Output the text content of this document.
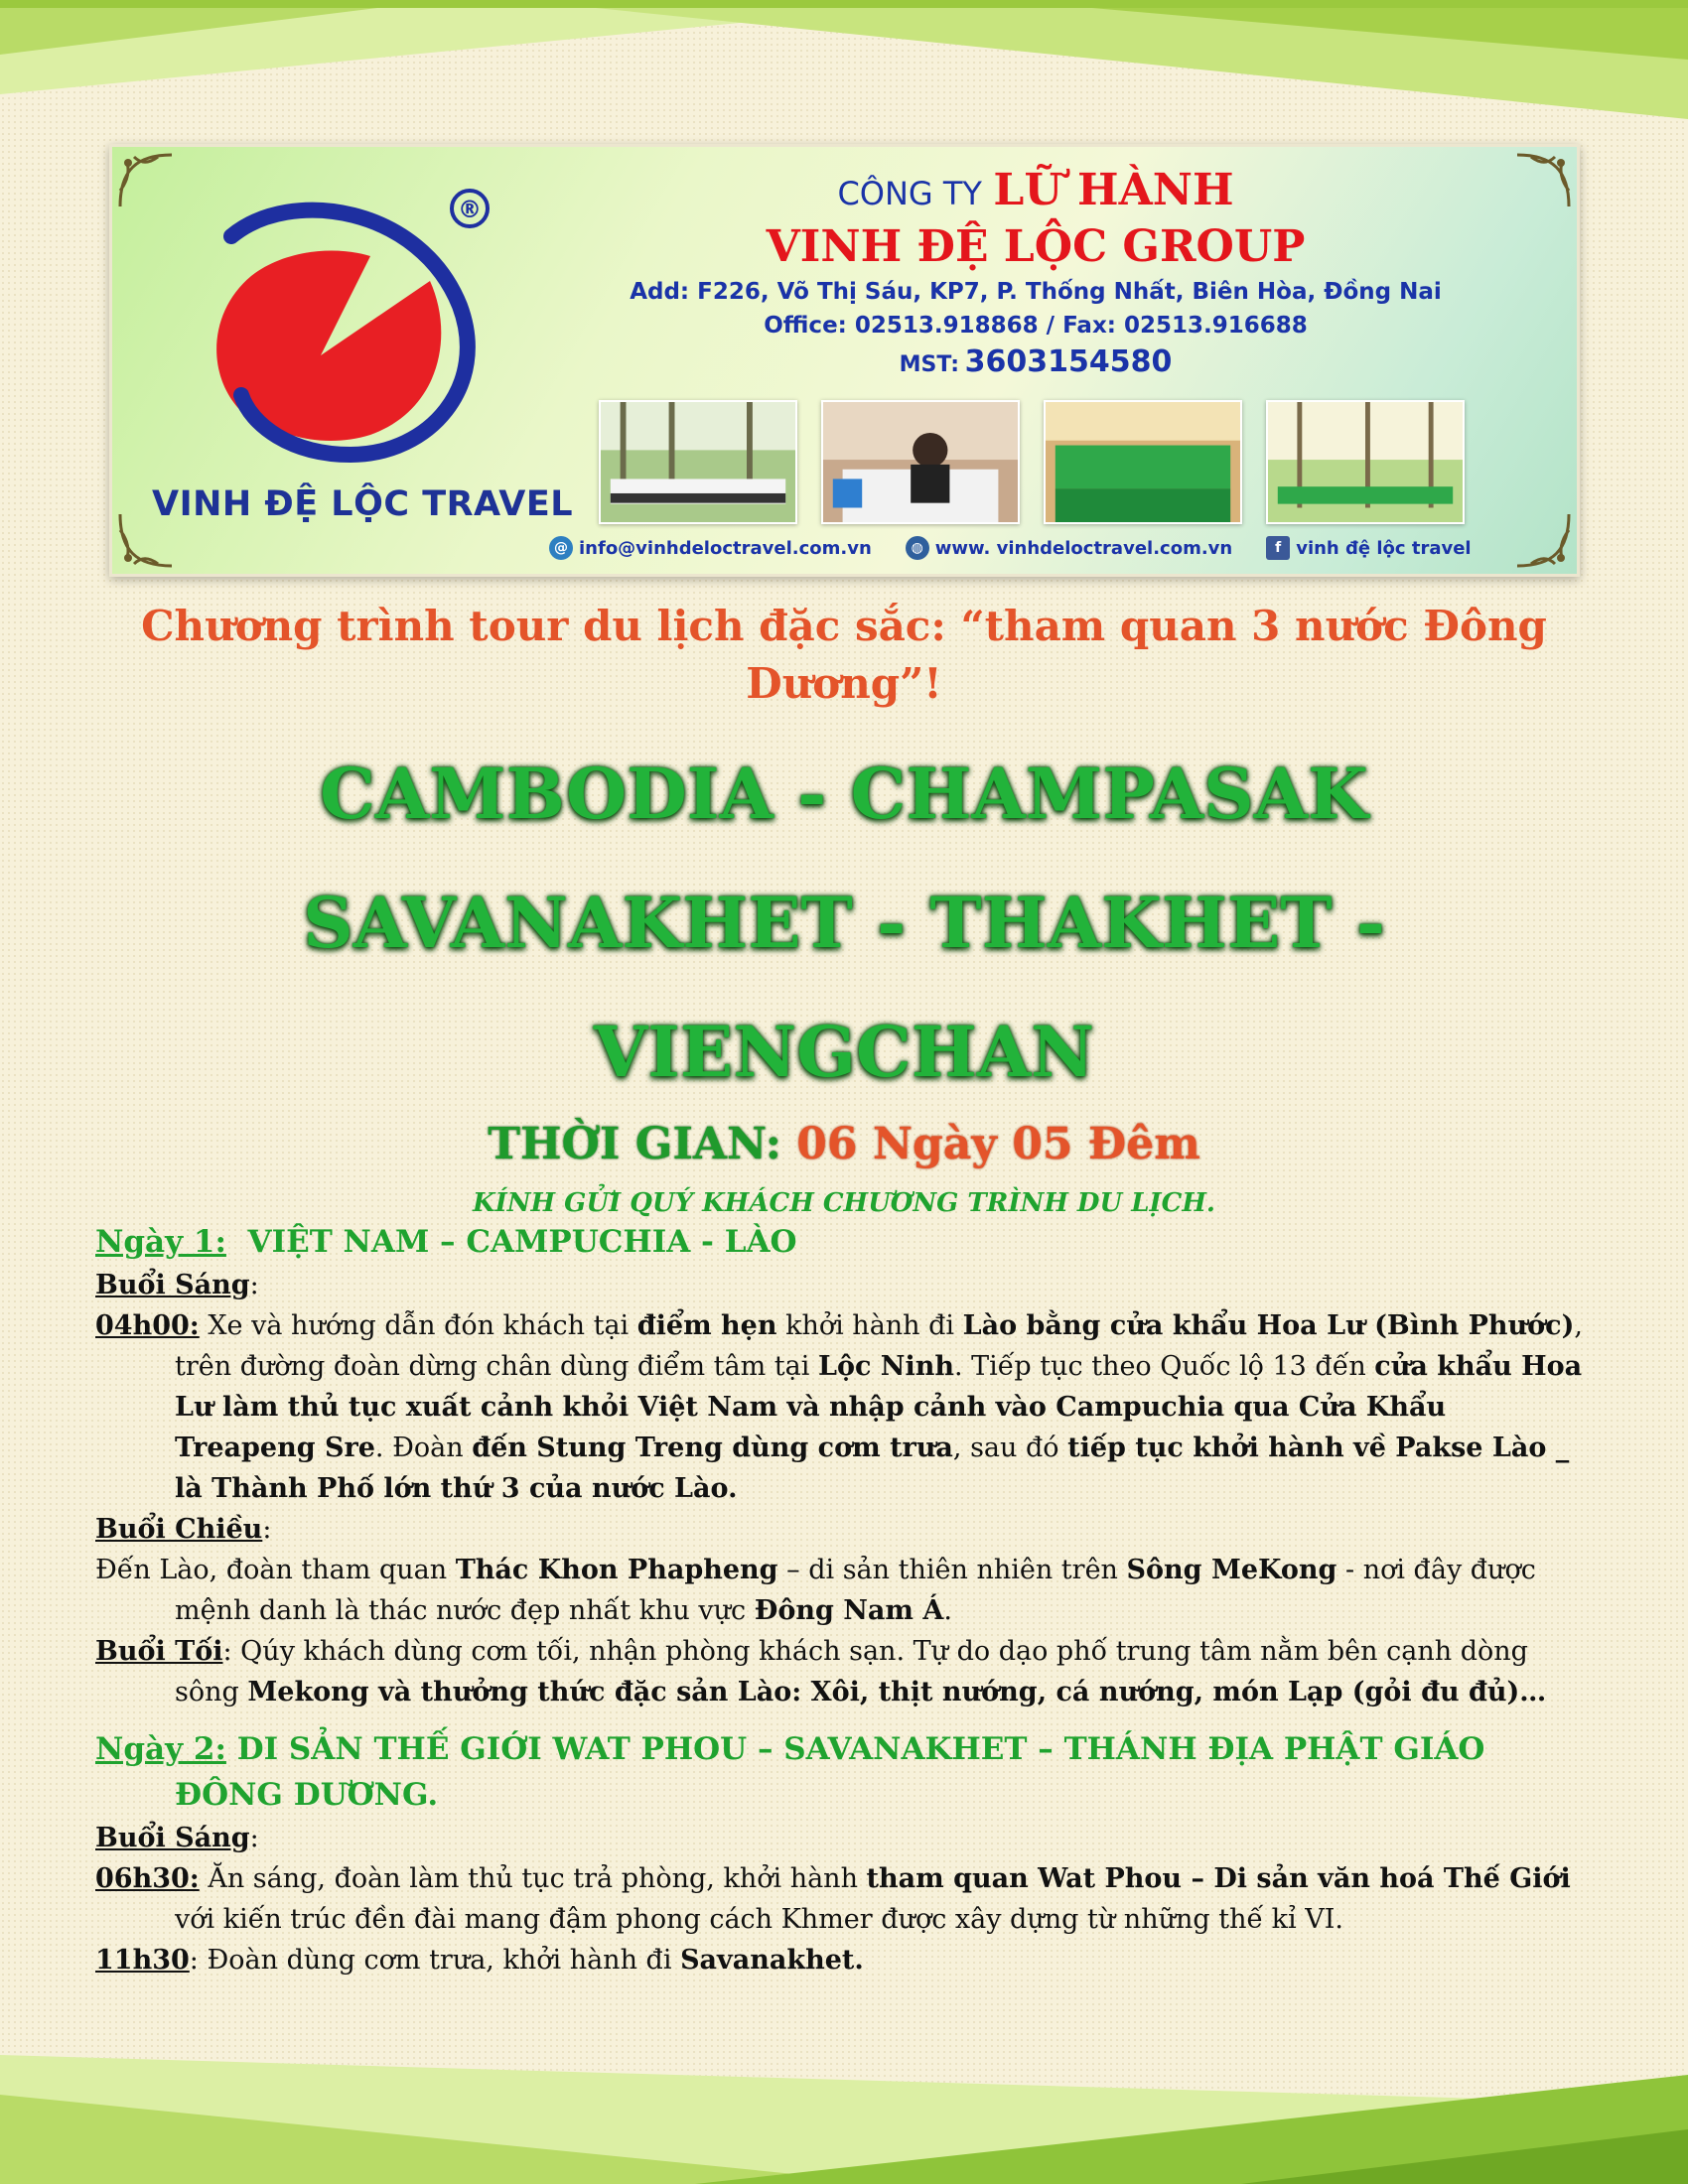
®
VINH ĐỆ LỘC TRAVEL
CÔNG TY LỮ HÀNH
VINH ĐỆ LỘC GROUP
Add: F226, Võ Thị Sáu, KP7, P. Thống Nhất, Biên Hòa, Đồng Nai
Office: 02513.918868 / Fax: 02513.916688
MST: 3603154580
@ info@vinhdeloctravel.com.vn	◍ www. vinhdeloctravel.com.vn	f vinh đệ lộc travel
Chương trình tour du lịch đặc sắc: “tham quan 3 nước Đông Dương”!
CAMBODIA - CHAMPASAK
SAVANAKHET - THAKHET -
VIENGCHAN
THỜI GIAN: 06 Ngày 05 Đêm
KÍNH GỬI QUÝ KHÁCH CHƯƠNG TRÌNH DU LỊCH.
Ngày 1: VIỆT NAM – CAMPUCHIA - LÀO
Buổi Sáng:
04h00: Xe và hướng dẫn đón khách tại điểm hẹn khởi hành đi Lào bằng cửa khẩu Hoa Lư (Bình Phước), trên đường đoàn dừng chân dùng điểm tâm tại Lộc Ninh. Tiếp tục theo Quốc lộ 13 đến cửa khẩu Hoa Lư làm thủ tục xuất cảnh khỏi Việt Nam và nhập cảnh vào Campuchia qua Cửa Khẩu Treapeng Sre. Đoàn đến Stung Treng dùng cơm trưa, sau đó tiếp tục khởi hành về Pakse Lào _ là Thành Phố lớn thứ 3 của nước Lào.
Buổi Chiều:
Đến Lào, đoàn tham quan Thác Khon Phapheng – di sản thiên nhiên trên Sông MeKong - nơi đây được mệnh danh là thác nước đẹp nhất khu vực Đông Nam Á.
Buổi Tối: Qúy khách dùng cơm tối, nhận phòng khách sạn. Tự do dạo phố trung tâm nằm bên cạnh dòng sông Mekong và thưởng thức đặc sản Lào: Xôi, thịt nướng, cá nướng, món Lạp (gỏi đu đủ)…
Ngày 2: DI SẢN THẾ GIỚI WAT PHOU – SAVANAKHET – THÁNH ĐỊA PHẬT GIÁO ĐÔNG DƯƠNG.
Buổi Sáng:
06h30: Ăn sáng, đoàn làm thủ tục trả phòng, khởi hành tham quan Wat Phou – Di sản văn hoá Thế Giới với kiến trúc đền đài mang đậm phong cách Khmer được xây dựng từ những thế kỉ VI.
11h30: Đoàn dùng cơm trưa, khởi hành đi Savanakhet.
